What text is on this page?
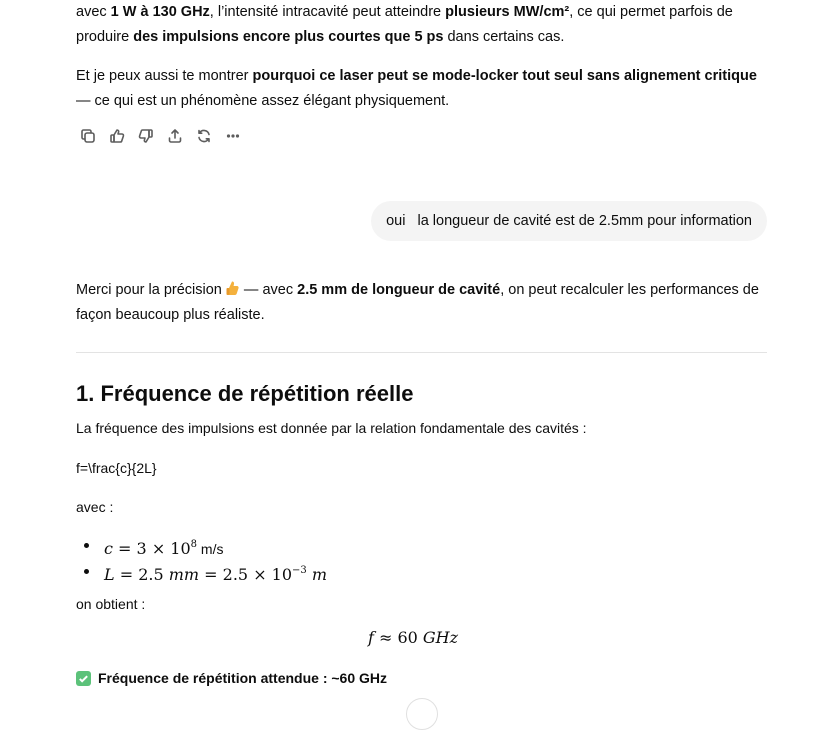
avec 1 W à 130 GHz, l’intensité intracavité peut atteindre plusieurs MW/cm², ce qui permet parfois de produire des impulsions encore plus courtes que 5 ps dans certains cas.

Et je peux aussi te montrer pourquoi ce laser peut se mode-locker tout seul sans alignement critique — ce qui est un phénomène assez élégant physiquement.

oui   la longueur de cavité est de 2.5mm pour information

Merci pour la précision  — avec 2.5 mm de longueur de cavité, on peut recalculer les performances de façon beaucoup plus réaliste.

1. Fréquence de répétition réelle

La fréquence des impulsions est donnée par la relation fondamentale des cavités :

f=\frac{c}{2L}

avec :

$c = 3 \times 10^8$ m/s
L = 2.5 mm = $2.5 \times 10^{-3}$ m

on obtient :

f ≈ 60 GHz
Fréquence de répétition attendue : ~60 GHz
